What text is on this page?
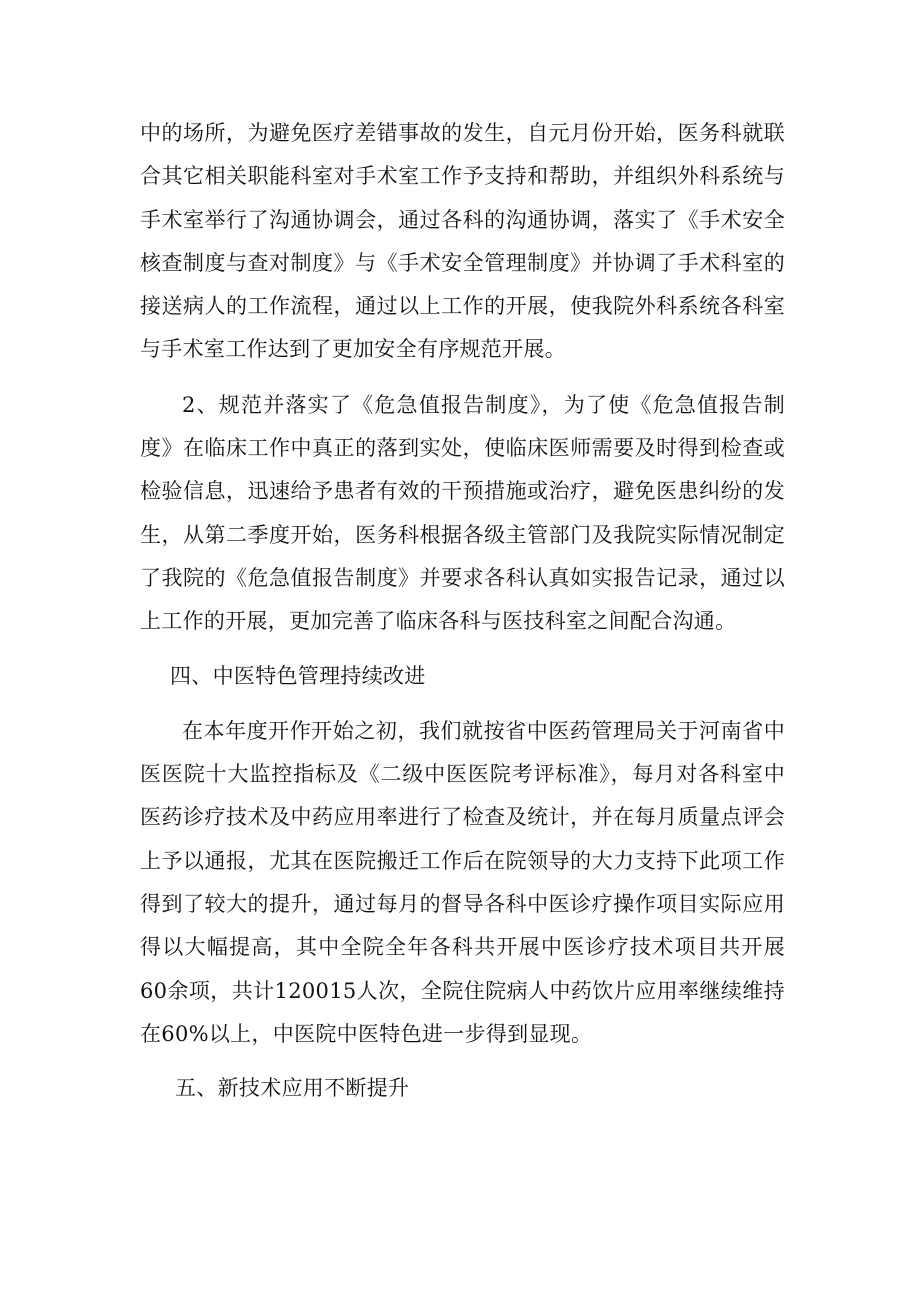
中的场所，为避免医疗差错事故的发生，自元月份开始，医务科就联合其它相关职能科室对手术室工作予支持和帮助，并组织外科系统与手术室举行了沟通协调会，通过各科的沟通协调，落实了《手术安全核查制度与查对制度》与《手术安全管理制度》并协调了手术科室的接送病人的工作流程，通过以上工作的开展，使我院外科系统各科室与手术室工作达到了更加安全有序规范开展。

2、规范并落实了《危急值报告制度》，为了使《危急值报告制度》在临床工作中真正的落到实处，使临床医师需要及时得到检查或检验信息，迅速给予患者有效的干预措施或治疗，避免医患纠纷的发生，从第二季度开始，医务科根据各级主管部门及我院实际情况制定了我院的《危急值报告制度》并要求各科认真如实报告记录，通过以上工作的开展，更加完善了临床各科与医技科室之间配合沟通。

四、中医特色管理持续改进

在本年度开作开始之初，我们就按省中医药管理局关于河南省中医医院十大监控指标及《二级中医医院考评标准》，每月对各科室中医药诊疗技术及中药应用率进行了检查及统计，并在每月质量点评会上予以通报，尤其在医院搬迁工作后在院领导的大力支持下此项工作得到了较大的提升，通过每月的督导各科中医诊疗操作项目实际应用得以大幅提高，其中全院全年各科共开展中医诊疗技术项目共开展60余项，共计120015人次，全院住院病人中药饮片应用率继续维持在60%以上，中医院中医特色进一步得到显现。

五、新技术应用不断提升
